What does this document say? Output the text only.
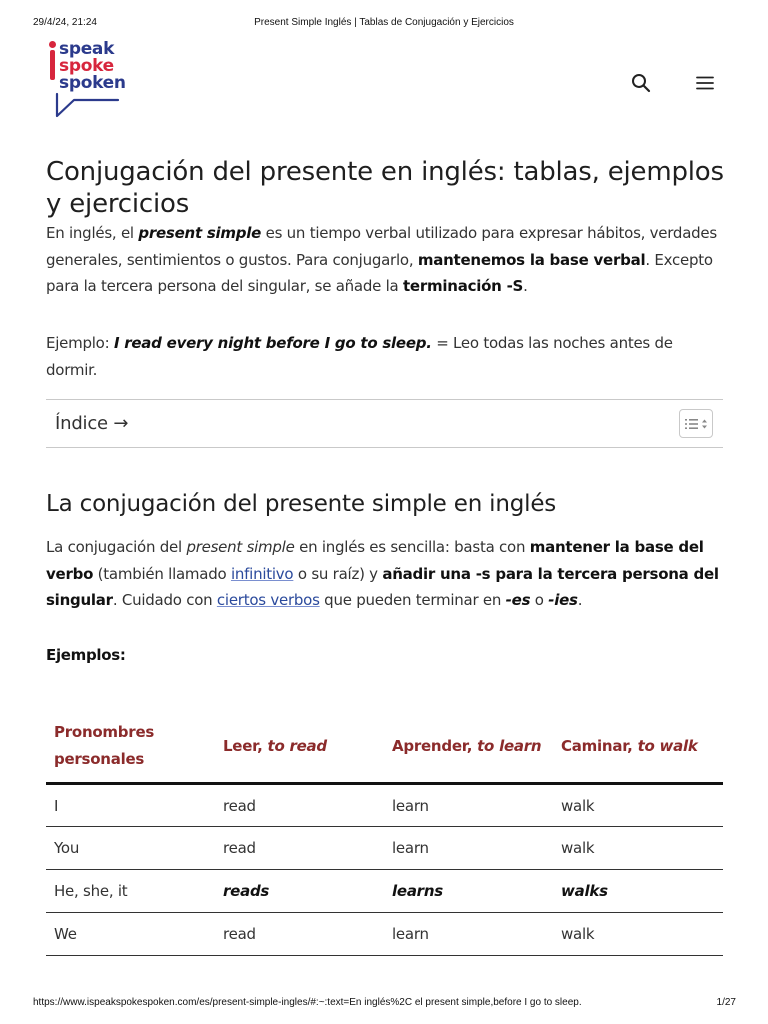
29/4/24, 21:24	Present Simple Inglés | Tablas de Conjugación y Ejercicios
speak
spoke
spoken
Conjugación del presente en inglés: tablas, ejemplos y ejercicios

En inglés, el present simple es un tiempo verbal utilizado para expresar hábitos, verdades generales, sentimientos o gustos. Para conjugarlo, mantenemos la base verbal. Excepto para la tercera persona del singular, se añade la terminación -S.

Ejemplo: I read every night before I go to sleep. = Leo todas las noches antes de dormir.

Índice →
La conjugación del presente simple en inglés

La conjugación del present simple en inglés es sencilla: basta con mantener la base del verbo (también llamado infinitivo o su raíz) y añadir una -s para la tercera persona del singular. Cuidado con ciertos verbos que pueden terminar en -es o -ies.

Ejemplos:
Pronombres personales	Leer, to read	Aprender, to learn	Caminar, to walk
I	read	learn	walk
You	read	learn	walk
He, she, it	reads	learns	walks
We	read	learn	walk
https://www.ispeakspokespoken.com/es/present-simple-ingles/#:~:text=En inglés%2C el present simple,before I go to sleep.	1/27
